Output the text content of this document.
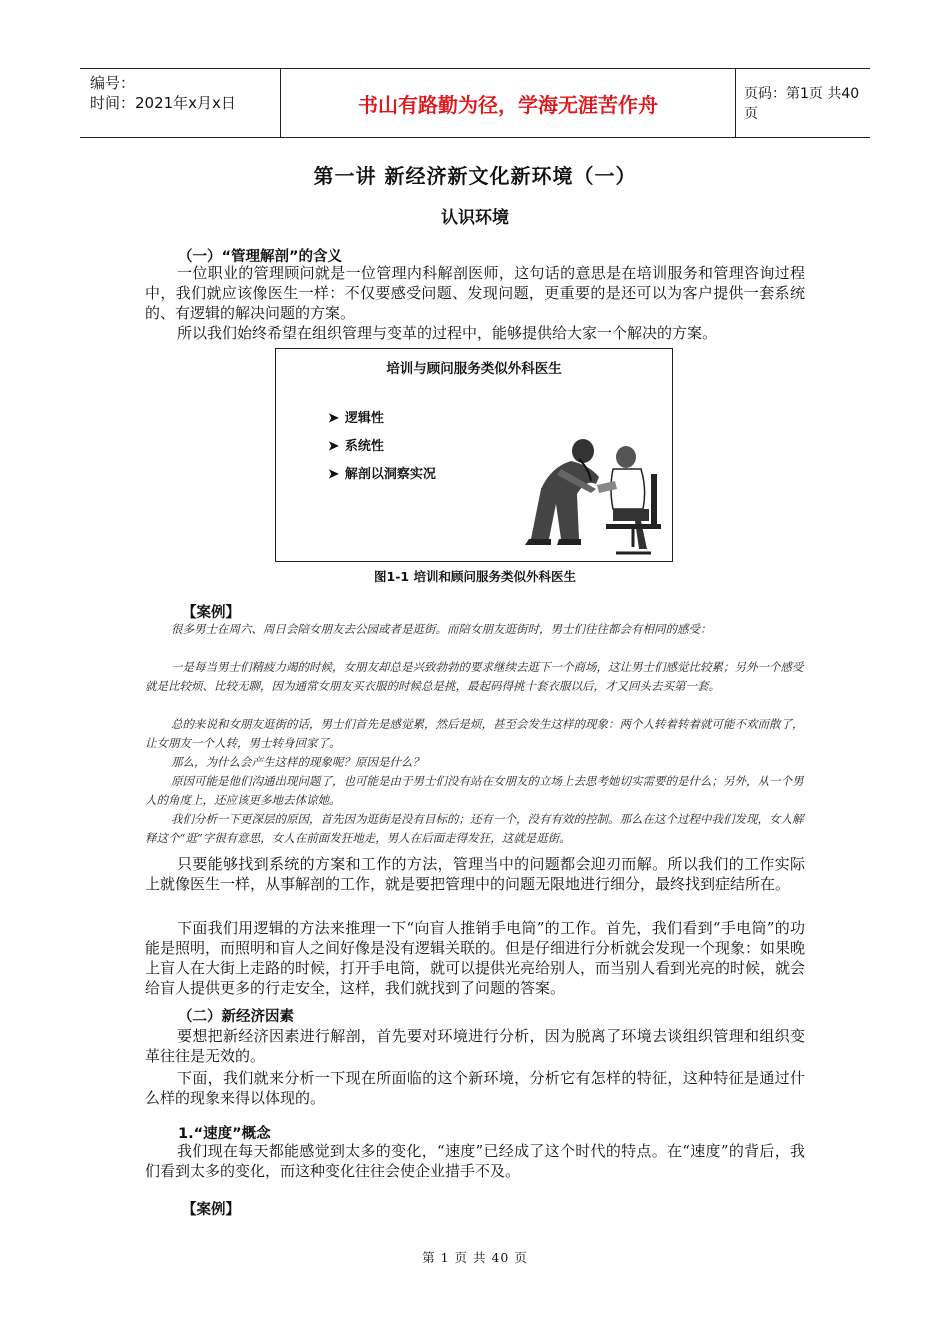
编号：
时间：2021年x月x日	书山有路勤为径，学海无涯苦作舟	页码：第1页 共40页
第一讲 新经济新文化新环境（一）
认识环境
（一）“管理解剖”的含义
一位职业的管理顾问就是一位管理内科解剖医师，这句话的意思是在培训服务和管理咨询过程中，我们就应该像医生一样：不仅要感受问题、发现问题，更重要的是还可以为客户提供一套系统的、有逻辑的解决问题的方案。
所以我们始终希望在组织管理与变革的过程中，能够提供给大家一个解决的方案。
培训与顾问服务类似外科医生
➤ 逻辑性
➤ 系统性
➤ 解剖以洞察实况
图1-1 培训和顾问服务类似外科医生
【案例】
很多男士在周六、周日会陪女朋友去公园或者是逛街。而陪女朋友逛街时，男士们往往都会有相同的感受：
一是每当男士们精疲力竭的时候，女朋友却总是兴致勃勃的要求继续去逛下一个商场，这让男士们感觉比较累；另外一个感受就是比较烦、比较无聊，因为通常女朋友买衣服的时候总是挑，最起码得挑十套衣服以后，才又回头去买第一套。
总的来说和女朋友逛街的话，男士们首先是感觉累，然后是烦，甚至会发生这样的现象：两个人转着转着就可能不欢而散了，让女朋友一个人转，男士转身回家了。
那么，为什么会产生这样的现象呢？原因是什么？
原因可能是他们沟通出现问题了，也可能是由于男士们没有站在女朋友的立场上去思考她切实需要的是什么；另外，从一个男人的角度上，还应该更多地去体谅她。
我们分析一下更深层的原因，首先因为逛街是没有目标的；还有一个，没有有效的控制。那么在这个过程中我们发现，女人解释这个“逛”字很有意思，女人在前面发狂地走，男人在后面走得发狂，这就是逛街。
只要能够找到系统的方案和工作的方法，管理当中的问题都会迎刃而解。所以我们的工作实际上就像医生一样，从事解剖的工作，就是要把管理中的问题无限地进行细分，最终找到症结所在。
下面我们用逻辑的方法来推理一下“向盲人推销手电筒”的工作。首先，我们看到“手电筒”的功能是照明，而照明和盲人之间好像是没有逻辑关联的。但是仔细进行分析就会发现一个现象：如果晚上盲人在大街上走路的时候，打开手电筒，就可以提供光亮给别人，而当别人看到光亮的时候，就会给盲人提供更多的行走安全，这样，我们就找到了问题的答案。
（二）新经济因素
要想把新经济因素进行解剖，首先要对环境进行分析，因为脱离了环境去谈组织管理和组织变革往往是无效的。
下面，我们就来分析一下现在所面临的这个新环境，分析它有怎样的特征，这种特征是通过什么样的现象来得以体现的。
1.“速度”概念
我们现在每天都能感觉到太多的变化，“速度”已经成了这个时代的特点。在“速度”的背后，我们看到太多的变化，而这种变化往往会使企业措手不及。
【案例】
第 1 页 共 40 页
